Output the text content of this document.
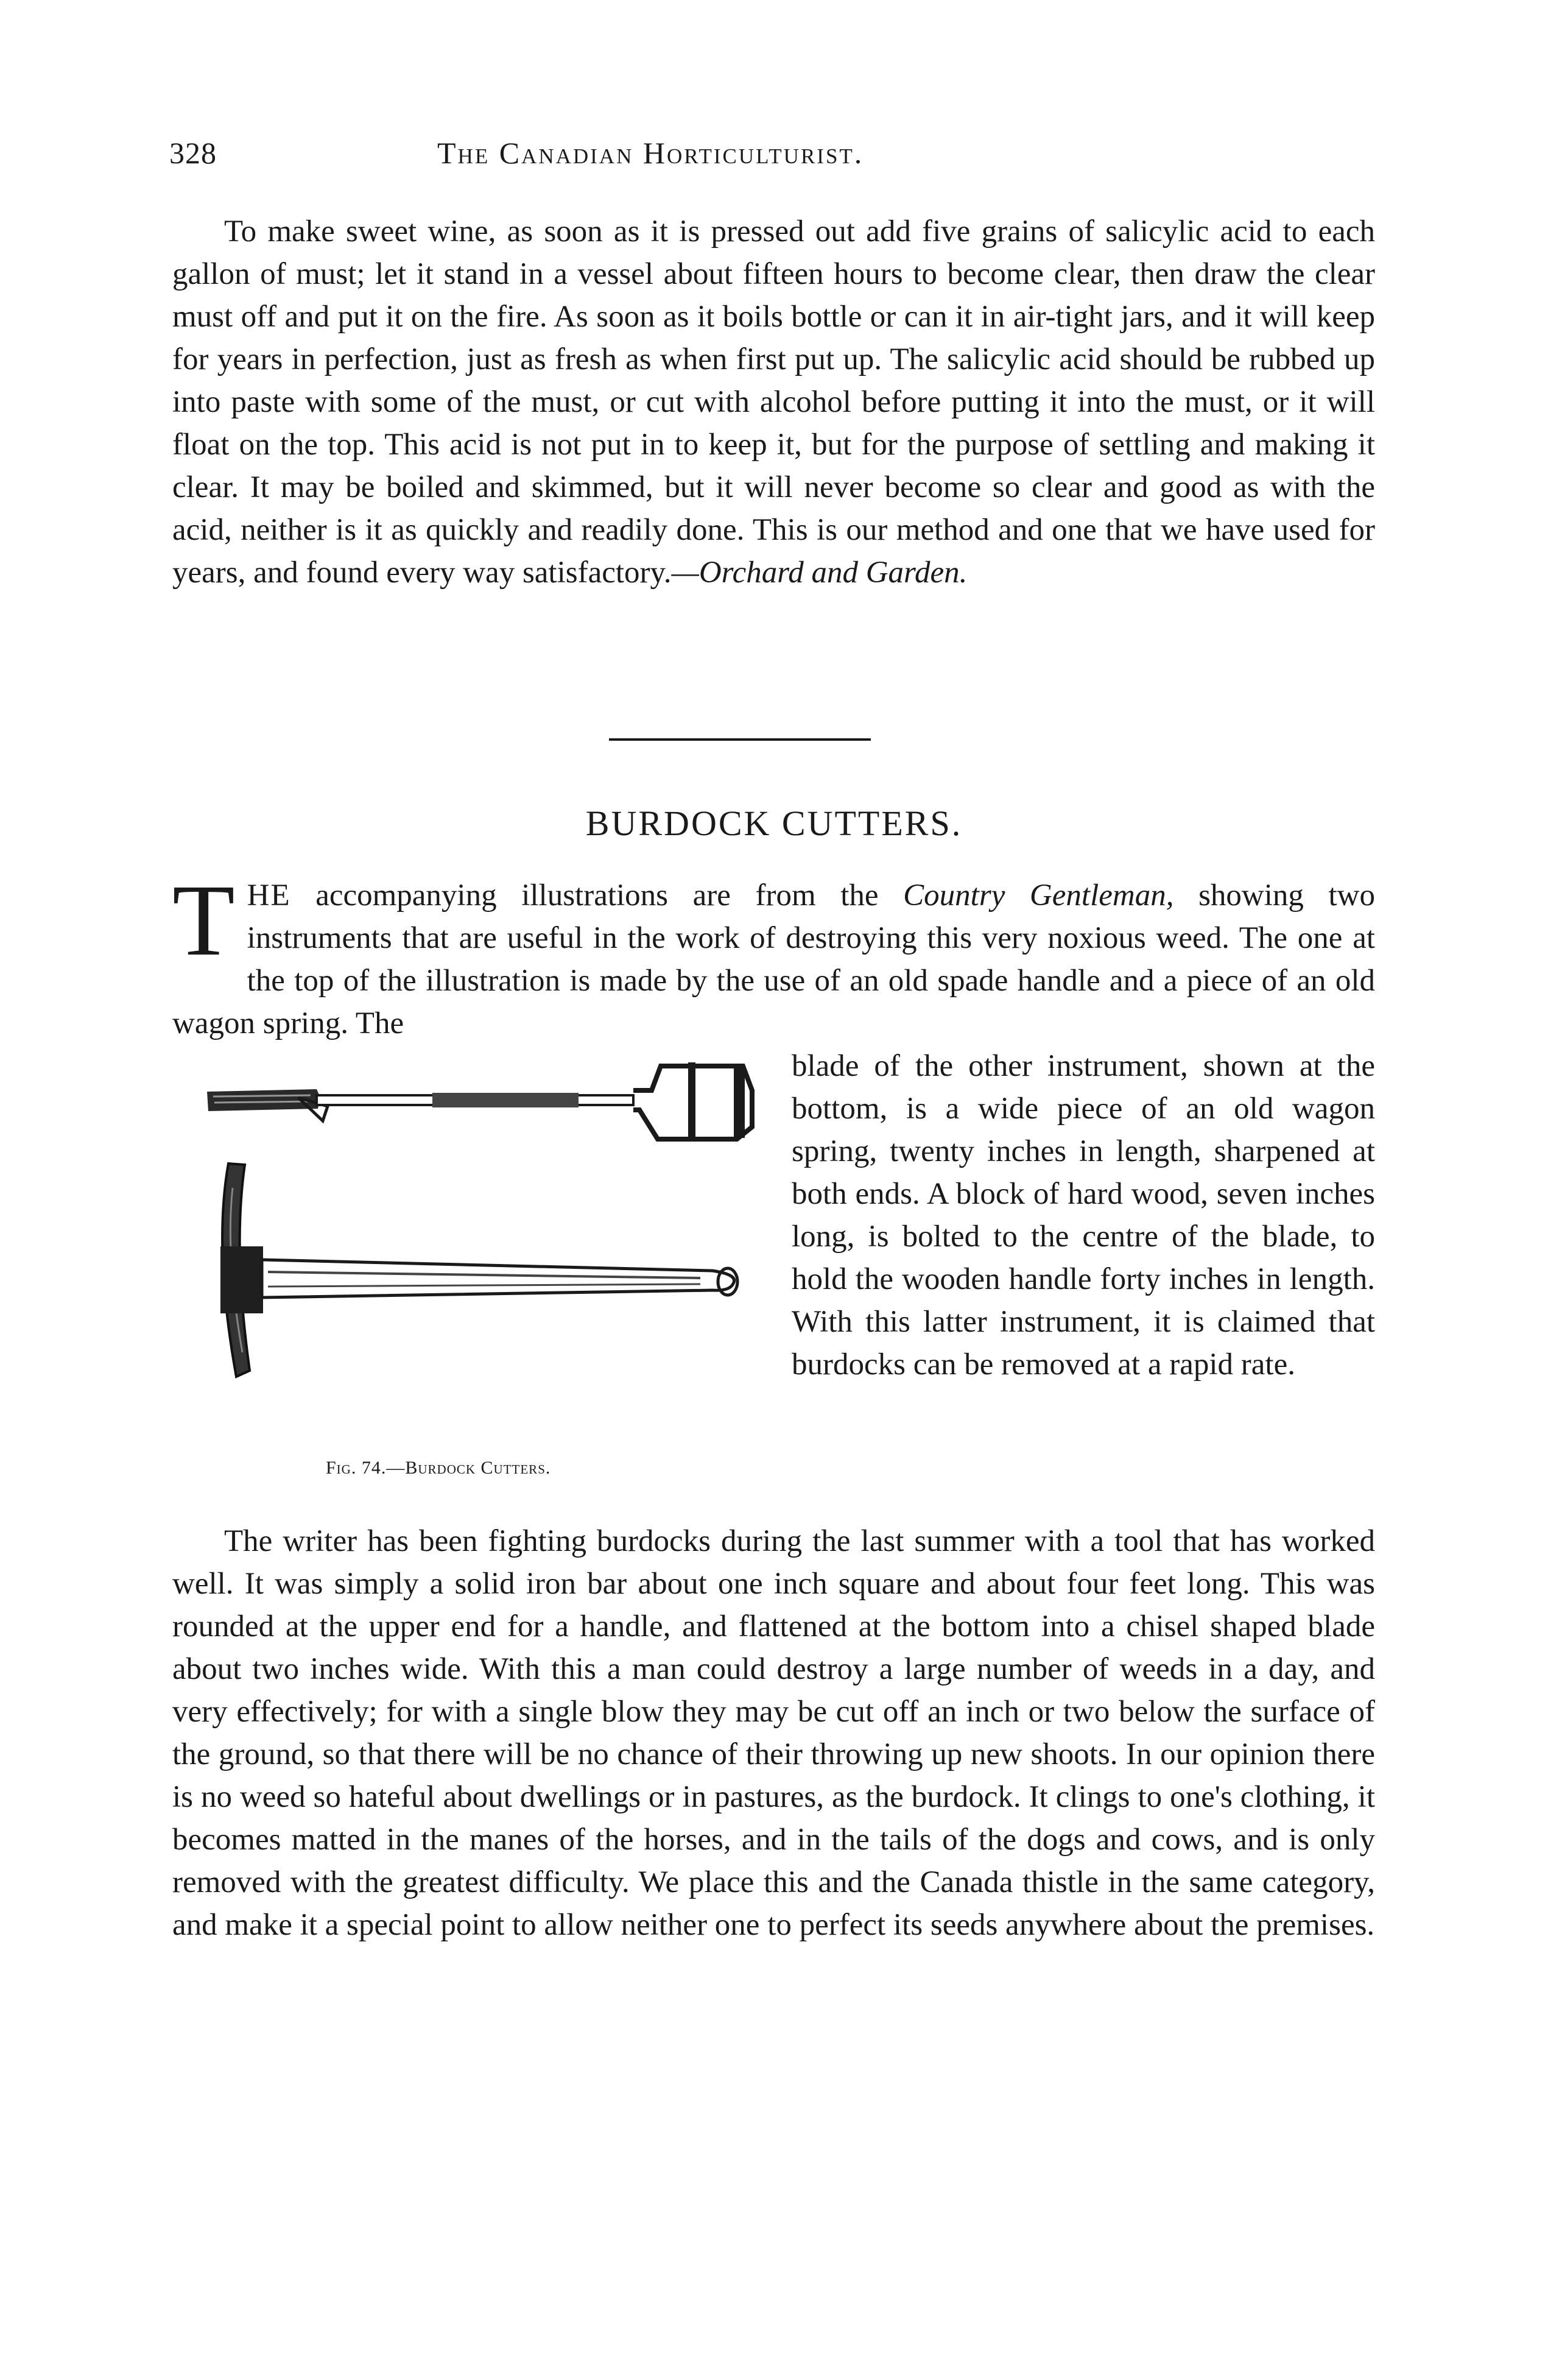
328	The Canadian Horticulturist.

To make sweet wine, as soon as it is pressed out add five grains of salicylic acid to each gallon of must; let it stand in a vessel about fifteen hours to become clear, then draw the clear must off and put it on the fire. As soon as it boils bottle or can it in air-tight jars, and it will keep for years in perfection, just as fresh as when first put up. The salicylic acid should be rubbed up into paste with some of the must, or cut with alcohol before putting it into the must, or it will float on the top. This acid is not put in to keep it, but for the purpose of settling and making it clear. It may be boiled and skimmed, but it will never become so clear and good as with the acid, neither is it as quickly and readily done. This is our method and one that we have used for years, and found every way satisfactory.—Orchard and Garden.

BURDOCK CUTTERS.

THE accompanying illustrations are from the Country Gentleman, showing two instruments that are useful in the work of destroying this very noxious weed. The one at the top of the illustration is made by the use of an old spade handle and a piece of an old wagon spring. The

Fig. 74.—Burdock Cutters.
blade of the other instrument, shown at the bottom, is a wide piece of an old wagon spring, twenty inches in length, sharpened at both ends. A block of hard wood, seven inches long, is bolted to the centre of the blade, to hold the wooden handle forty inches in length. With this latter instrument, it is claimed that burdocks can be removed at a rapid rate.

The writer has been fighting burdocks during the last summer with a tool that has worked well. It was simply a solid iron bar about one inch square and about four feet long. This was rounded at the upper end for a handle, and flattened at the bottom into a chisel shaped blade about two inches wide. With this a man could destroy a large number of weeds in a day, and very effectively; for with a single blow they may be cut off an inch or two below the surface of the ground, so that there will be no chance of their throwing up new shoots. In our opinion there is no weed so hateful about dwellings or in pastures, as the burdock. It clings to one's clothing, it becomes matted in the manes of the horses, and in the tails of the dogs and cows, and is only removed with the greatest difficulty. We place this and the Canada thistle in the same category, and make it a special point to allow neither one to perfect its seeds anywhere about the premises.
